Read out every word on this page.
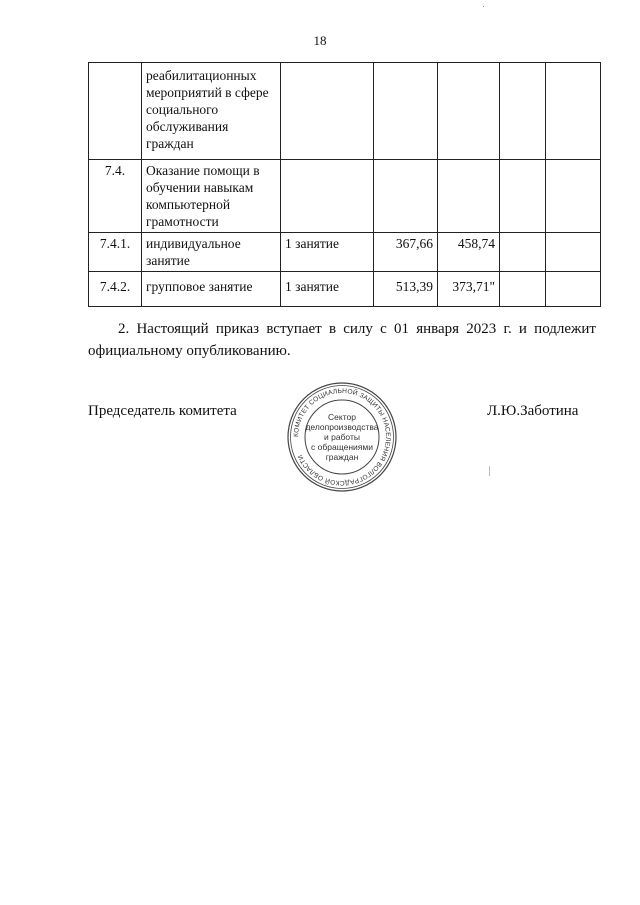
18
	реабилитационных мероприятий в сфере социального обслуживания граждан					
7.4.	Оказание помощи в обучении навыкам компьютерной грамотности					
7.4.1.	индивидуальное занятие	1 занятие	367,66	458,74		
7.4.2.	групповое занятие	1 занятие	513,39	373,71"		

2. Настоящий приказ вступает в силу с 01 января 2023 г. и подлежит официальному опубликованию.

Председатель комитета
КОМИТЕТ СОЦИАЛЬНОЙ ЗАЩИТЫ НАСЕЛЕНИЯ ВОЛГОГРАДСКОЙ ОБЛАСТИ
Сектор
делопроизводства
и работы
с обращениями
граждан
Л.Ю.Заботина
